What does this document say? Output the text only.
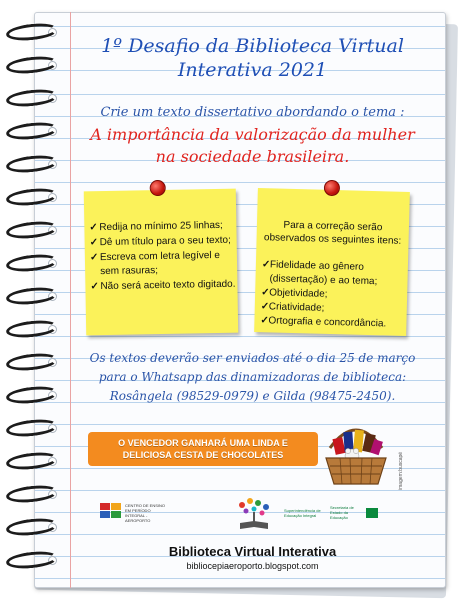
1º Desafio da Biblioteca Virtual
Interativa 2021
Crie um texto dissertativo abordando o tema :
A importância da valorização da mulher
na sociedade brasileira.
✓ Redija no mínimo 25 linhas;
✓ Dê um título para o seu texto;
✓ Escreva com letra legível e sem rasuras;
✓ Não será aceito texto digitado.
Para a correção serão observados os seguintes itens:
✓ Fidelidade ao gênero (dissertação) e ao tema;
✓ Objetividade;
✓ Criatividade;
✓ Ortografia e concordância.
Os textos deverão ser enviados até o dia 25 de março
para o Whatsapp das dinamizadoras de biblioteca:
Rosângela (98529-0979) e Gilda (98475-2450).
O VENCEDOR GANHARÁ UMA LINDA E
DELICIOSA CESTA DE CHOCOLATES	imagem:buscapé
CENTRO DE ENSINO EM PERÍODO INTEGRAL - AEROPORTO
Superintendência de Educação Integral
Secretaria de Estado da Educação
Biblioteca Virtual Interativa
bibliocepiaeroporto.blogspot.com
